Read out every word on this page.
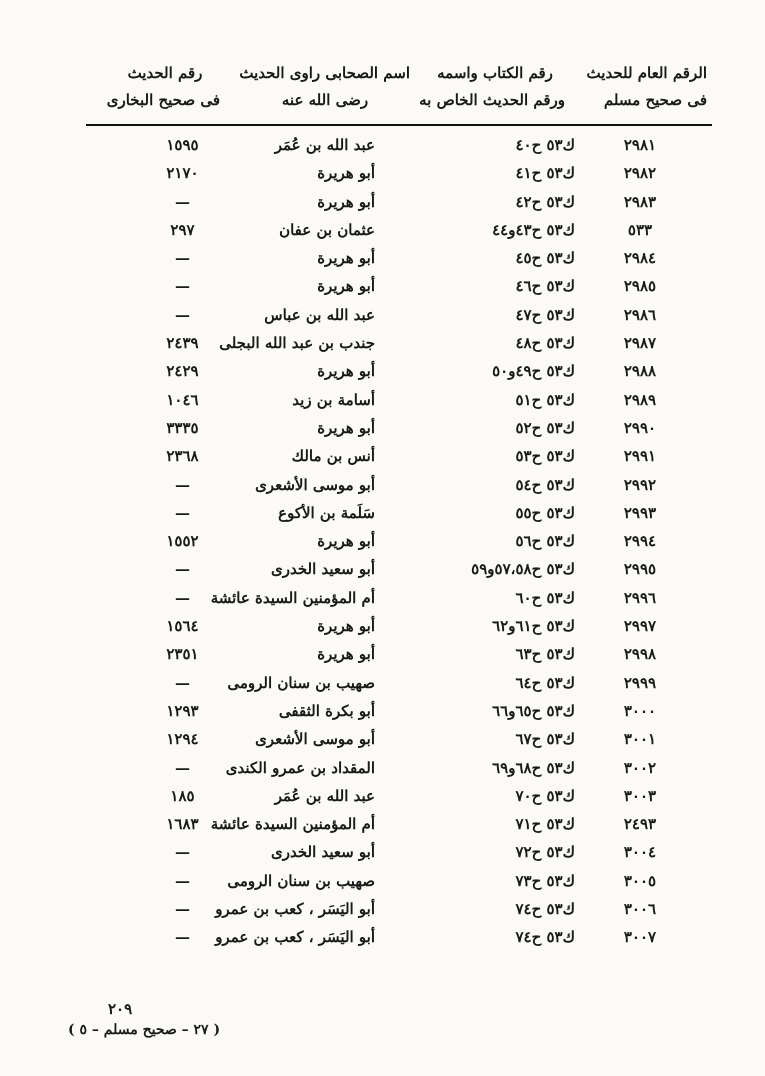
الرقم العام للحديث
فى صحيح مسلم
رقم الكتاب واسمه
ورقم الحديث الخاص به
اسم الصحابى راوى الحديث
رضى الله عنه
رقم الحديث
فى صحيح البخارى
٢٩٨١
ك٥٣ ح٤٠
عبد الله بن عُمَر
١٥٩٥
٢٩٨٢
ك٥٣ ح٤١
أبو هريرة
٢١٧٠
٢٩٨٣
ك٥٣ ح٤٢
أبو هريرة
—
٥٣٣
ك٥٣ ح٤٣و٤٤
عثمان بن عفان
٢٩٧
٢٩٨٤
ك٥٣ ح٤٥
أبو هريرة
—
٢٩٨٥
ك٥٣ ح٤٦
أبو هريرة
—
٢٩٨٦
ك٥٣ ح٤٧
عبد الله بن عباس
—
٢٩٨٧
ك٥٣ ح٤٨
جندب بن عبد الله البجلى
٢٤٣٩
٢٩٨٨
ك٥٣ ح٤٩و٥٠
أبو هريرة
٢٤٢٩
٢٩٨٩
ك٥٣ ح٥١
أسامة بن زيد
١٠٤٦
٢٩٩٠
ك٥٣ ح٥٢
أبو هريرة
٣٣٣٥
٢٩٩١
ك٥٣ ح٥٣
أنس بن مالك
٢٣٦٨
٢٩٩٢
ك٥٣ ح٥٤
أبو موسى الأشعرى
—
٢٩٩٣
ك٥٣ ح٥٥
سَلَمة بن الأكوع
—
٢٩٩٤
ك٥٣ ح٥٦
أبو هريرة
١٥٥٢
٢٩٩٥
ك٥٣ ح٥٧،٥٨و٥٩
أبو سعيد الخدرى
—
٢٩٩٦
ك٥٣ ح٦٠
أم المؤمنين السيدة عائشة
—
٢٩٩٧
ك٥٣ ح٦١و٦٢
أبو هريرة
١٥٦٤
٢٩٩٨
ك٥٣ ح٦٣
أبو هريرة
٢٣٥١
٢٩٩٩
ك٥٣ ح٦٤
صهيب بن سنان الرومى
—
٣٠٠٠
ك٥٣ ح٦٥و٦٦
أبو بكرة الثقفى
١٢٩٣
٣٠٠١
ك٥٣ ح٦٧
أبو موسى الأشعرى
١٢٩٤
٣٠٠٢
ك٥٣ ح٦٨و٦٩
المقداد بن عمرو الكندى
—
٣٠٠٣
ك٥٣ ح٧٠
عبد الله بن عُمَر
١٨٥
٢٤٩٣
ك٥٣ ح٧١
أم المؤمنين السيدة عائشة
١٦٨٣
٣٠٠٤
ك٥٣ ح٧٢
أبو سعيد الخدرى
—
٣٠٠٥
ك٥٣ ح٧٣
صهيب بن سنان الرومى
—
٣٠٠٦
ك٥٣ ح٧٤
أبو اليَسَر ، كعب بن عمرو
—
٣٠٠٧
ك٥٣ ح٧٤
أبو اليَسَر ، كعب بن عمرو
—
٢٠٩
( ٢٧ – صحيح مسلم – ٥ )
